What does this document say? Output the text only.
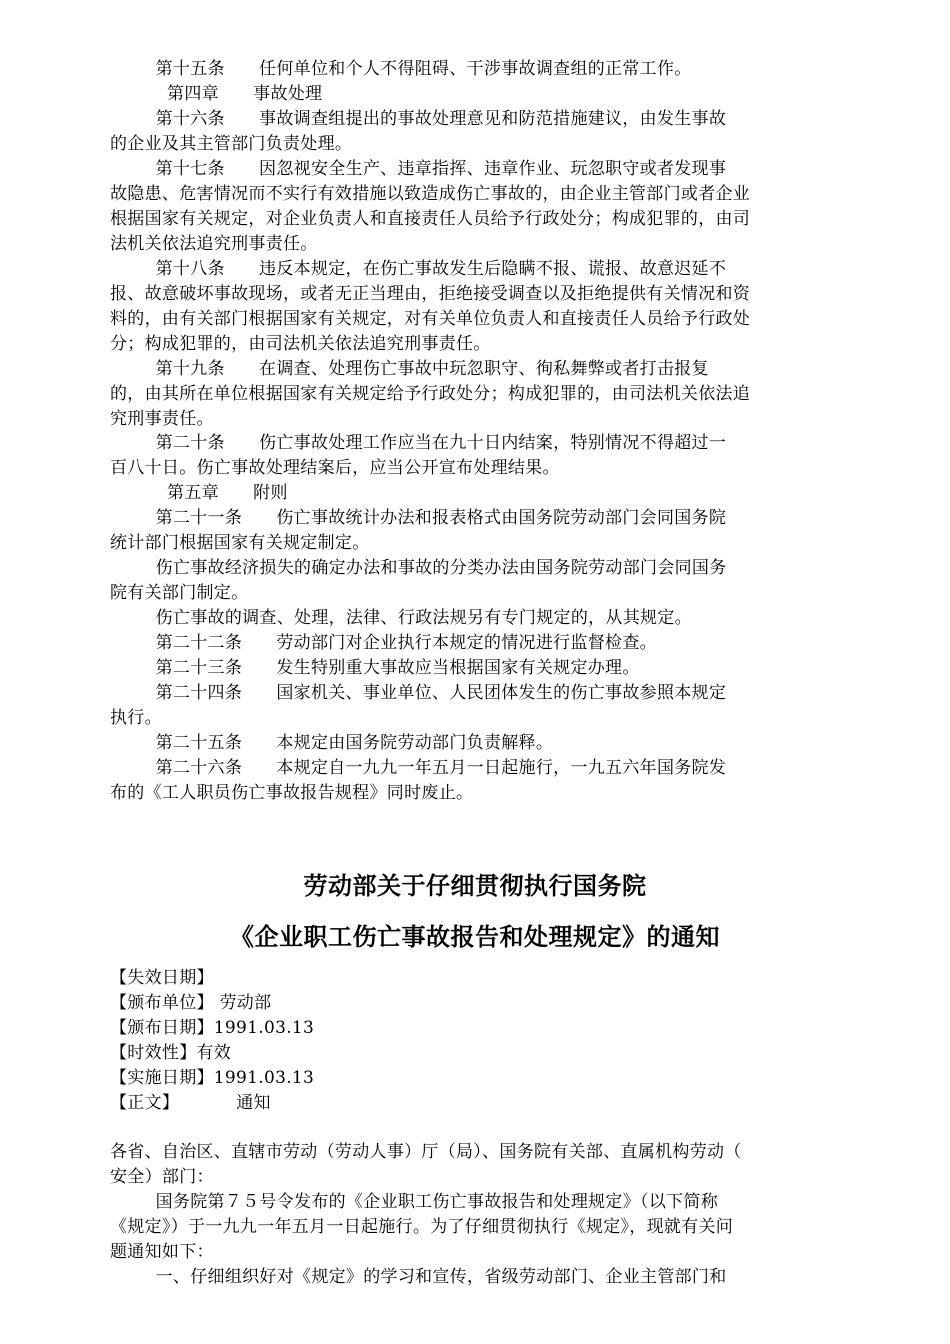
第十五条      任何单位和个人不得阻碍、干涉事故调查组的正常工作。
第四章      事故处理
第十六条      事故调查组提出的事故处理意见和防范措施建议，由发生事故
的企业及其主管部门负责处理。
第十七条      因忽视安全生产、违章指挥、违章作业、玩忽职守或者发现事
故隐患、危害情况而不实行有效措施以致造成伤亡事故的，由企业主管部门或者企业
根据国家有关规定，对企业负责人和直接责任人员给予行政处分；构成犯罪的，由司
法机关依法追究刑事责任。
第十八条      违反本规定，在伤亡事故发生后隐瞒不报、谎报、故意迟延不
报、故意破坏事故现场，或者无正当理由，拒绝接受调查以及拒绝提供有关情况和资
料的，由有关部门根据国家有关规定，对有关单位负责人和直接责任人员给予行政处
分；构成犯罪的，由司法机关依法追究刑事责任。
第十九条      在调查、处理伤亡事故中玩忽职守、徇私舞弊或者打击报复
的，由其所在单位根据国家有关规定给予行政处分；构成犯罪的，由司法机关依法追
究刑事责任。
第二十条      伤亡事故处理工作应当在九十日内结案，特别情况不得超过一
百八十日。伤亡事故处理结案后，应当公开宣布处理结果。
第五章      附则
第二十一条      伤亡事故统计办法和报表格式由国务院劳动部门会同国务院
统计部门根据国家有关规定制定。
伤亡事故经济损失的确定办法和事故的分类办法由国务院劳动部门会同国务
院有关部门制定。
伤亡事故的调查、处理，法律、行政法规另有专门规定的，从其规定。
第二十二条      劳动部门对企业执行本规定的情况进行监督检查。
第二十三条      发生特别重大事故应当根据国家有关规定办理。
第二十四条      国家机关、事业单位、人民团体发生的伤亡事故参照本规定
执行。
第二十五条      本规定由国务院劳动部门负责解释。
第二十六条      本规定自一九九一年五月一日起施行，一九五六年国务院发
布的《工人职员伤亡事故报告规程》同时废止。
劳动部关于仔细贯彻执行国务院
《企业职工伤亡事故报告和处理规定》的通知
【失效日期】
【颁布单位】 劳动部
【颁布日期】1991.03.13
【时效性】有效
【实施日期】1991.03.13
【正文】          通知
各省、自治区、直辖市劳动（劳动人事）厅（局）、国务院有关部、直属机构劳动（
安全）部门：
国务院第７５号令发布的《企业职工伤亡事故报告和处理规定》（以下简称
《规定》）于一九九一年五月一日起施行。为了仔细贯彻执行《规定》，现就有关问
题通知如下：
一、仔细组织好对《规定》的学习和宣传，省级劳动部门、企业主管部门和
